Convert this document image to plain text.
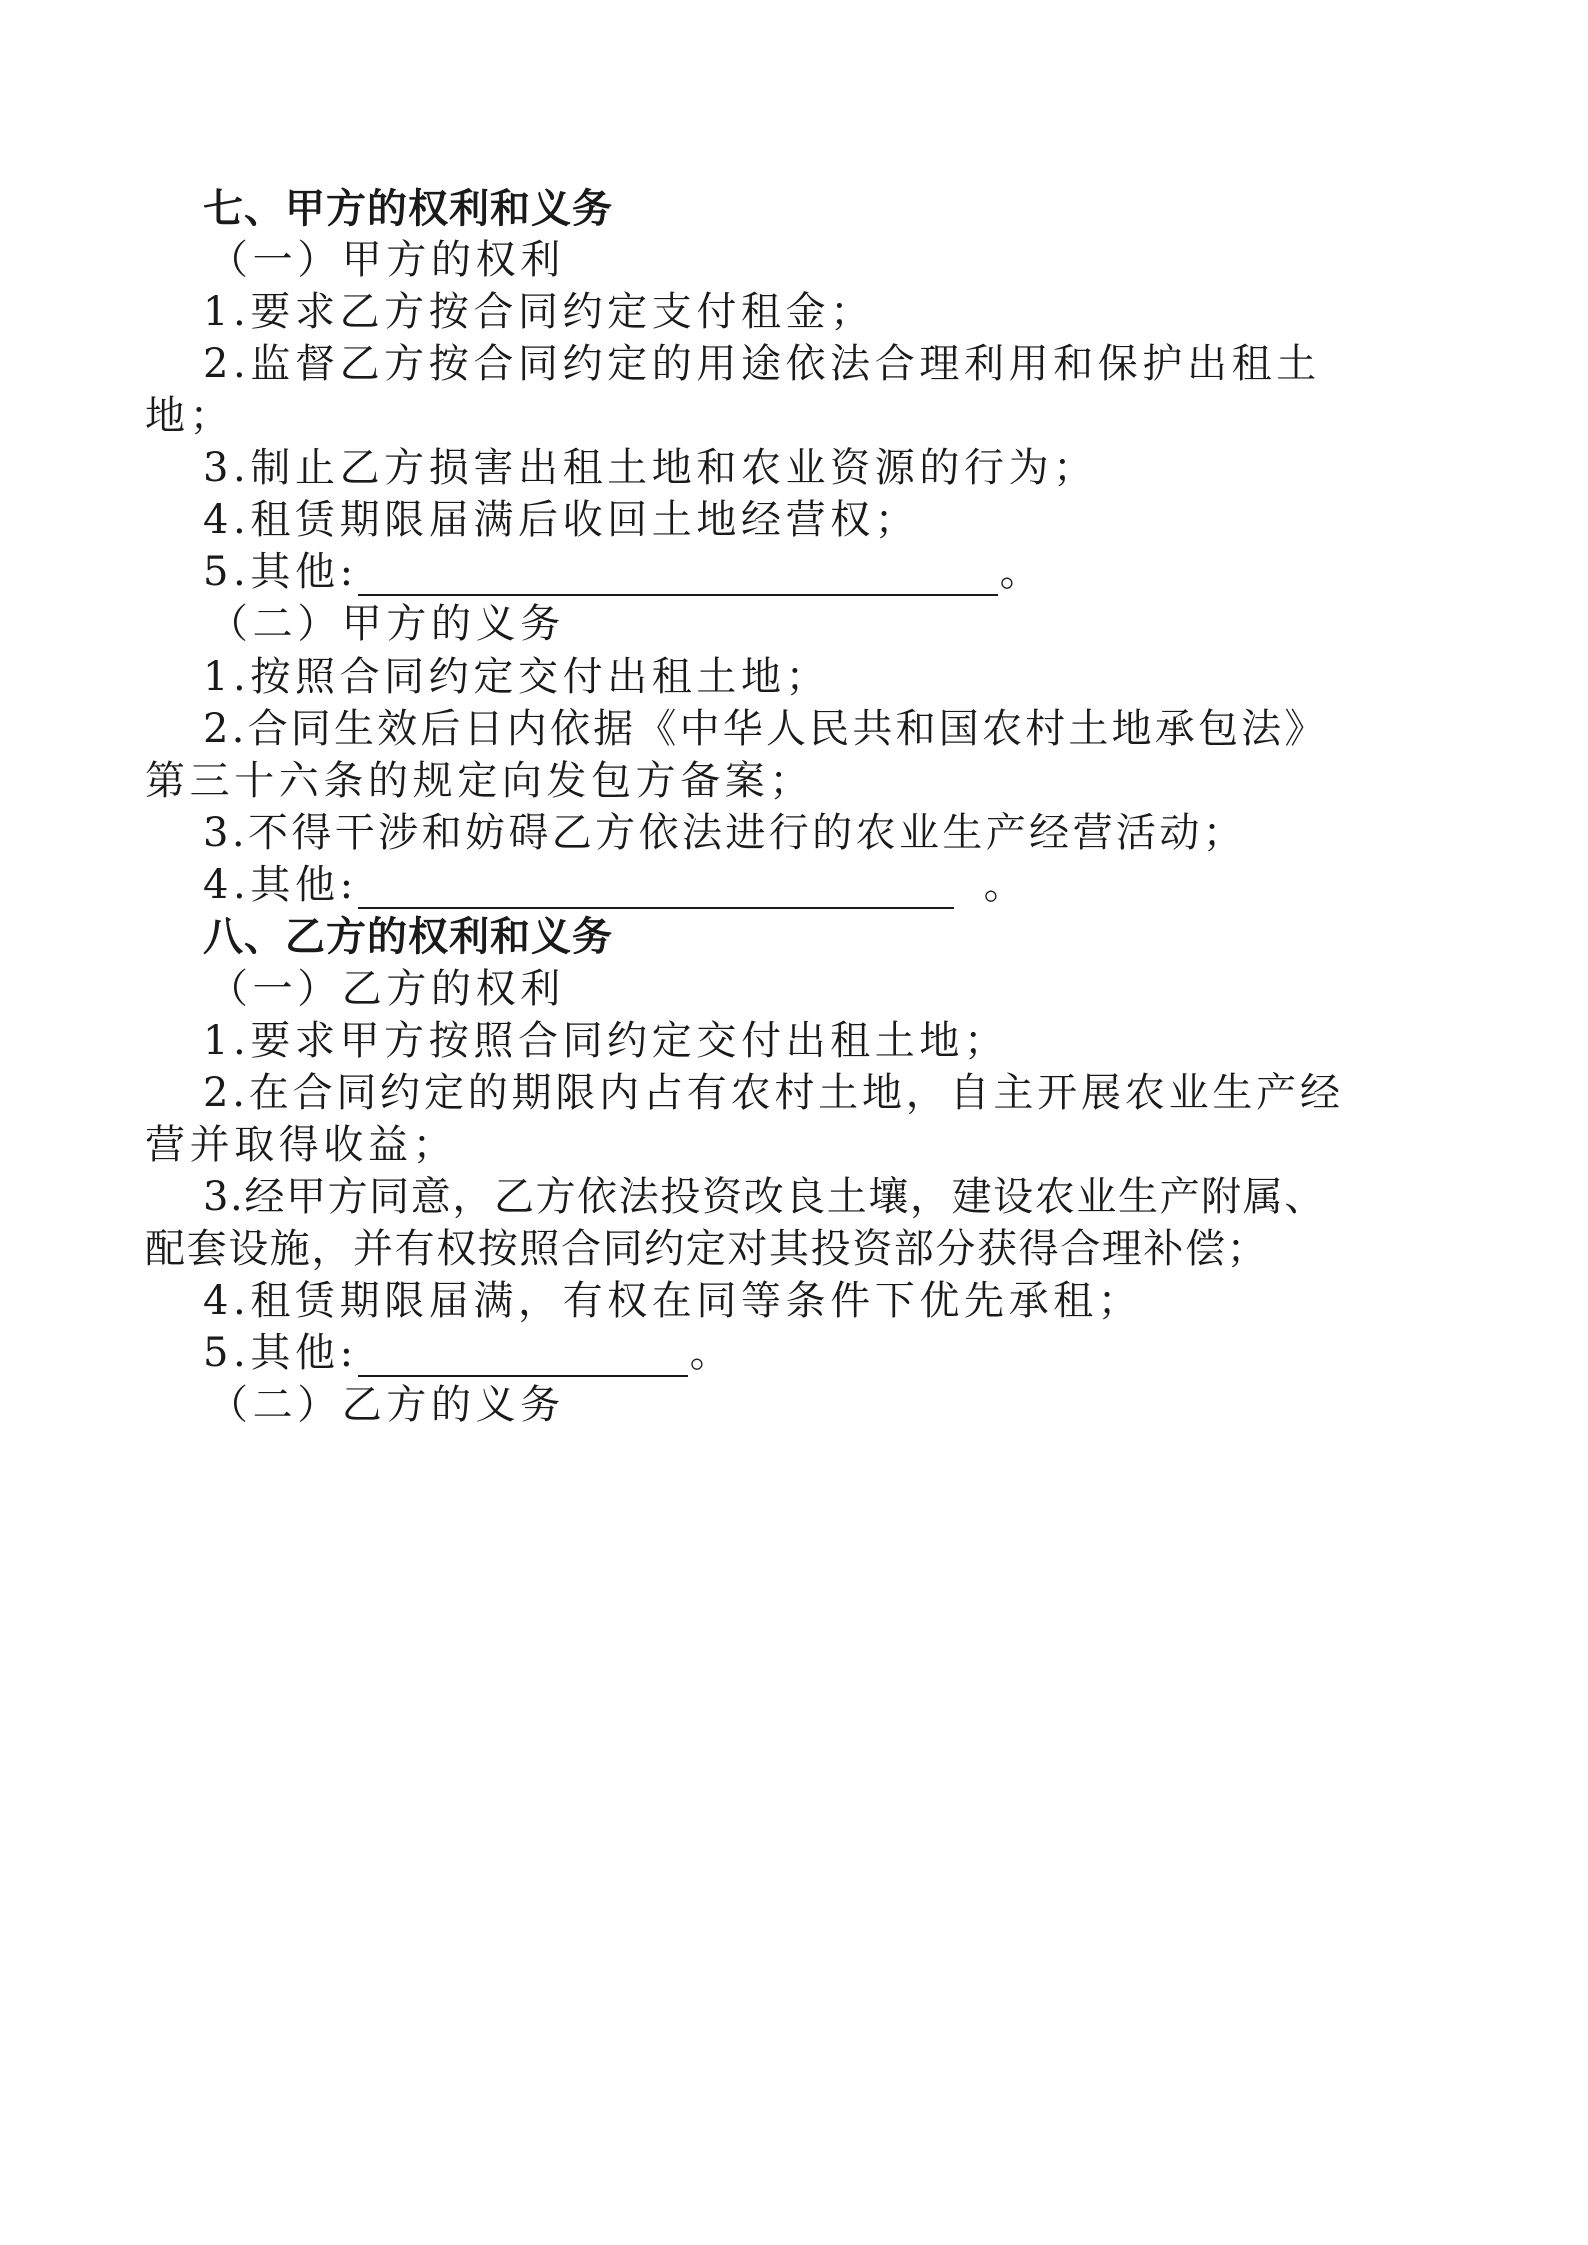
七、甲方的权利和义务
（一）甲方的权利
1.要求乙方按合同约定支付租金；
2.监督乙方按合同约定的用途依法合理利用和保护出租土
地；
3.制止乙方损害出租土地和农业资源的行为；
4.租赁期限届满后收回土地经营权；
5.其他:	。
（二）甲方的义务
1.按照合同约定交付出租土地；
2.合同生效后日内依据《中华人民共和国农村土地承包法》
第三十六条的规定向发包方备案；
3.不得干涉和妨碍乙方依法进行的农业生产经营活动；
4.其他:	。
八、乙方的权利和义务
（一）乙方的权利
1.要求甲方按照合同约定交付出租土地；
2.在合同约定的期限内占有农村土地，自主开展农业生产经
营并取得收益；
3.经甲方同意，乙方依法投资改良土壤，建设农业生产附属、
配套设施，并有权按照合同约定对其投资部分获得合理补偿；
4.租赁期限届满，有权在同等条件下优先承租；
5.其他:	。
（二）乙方的义务
